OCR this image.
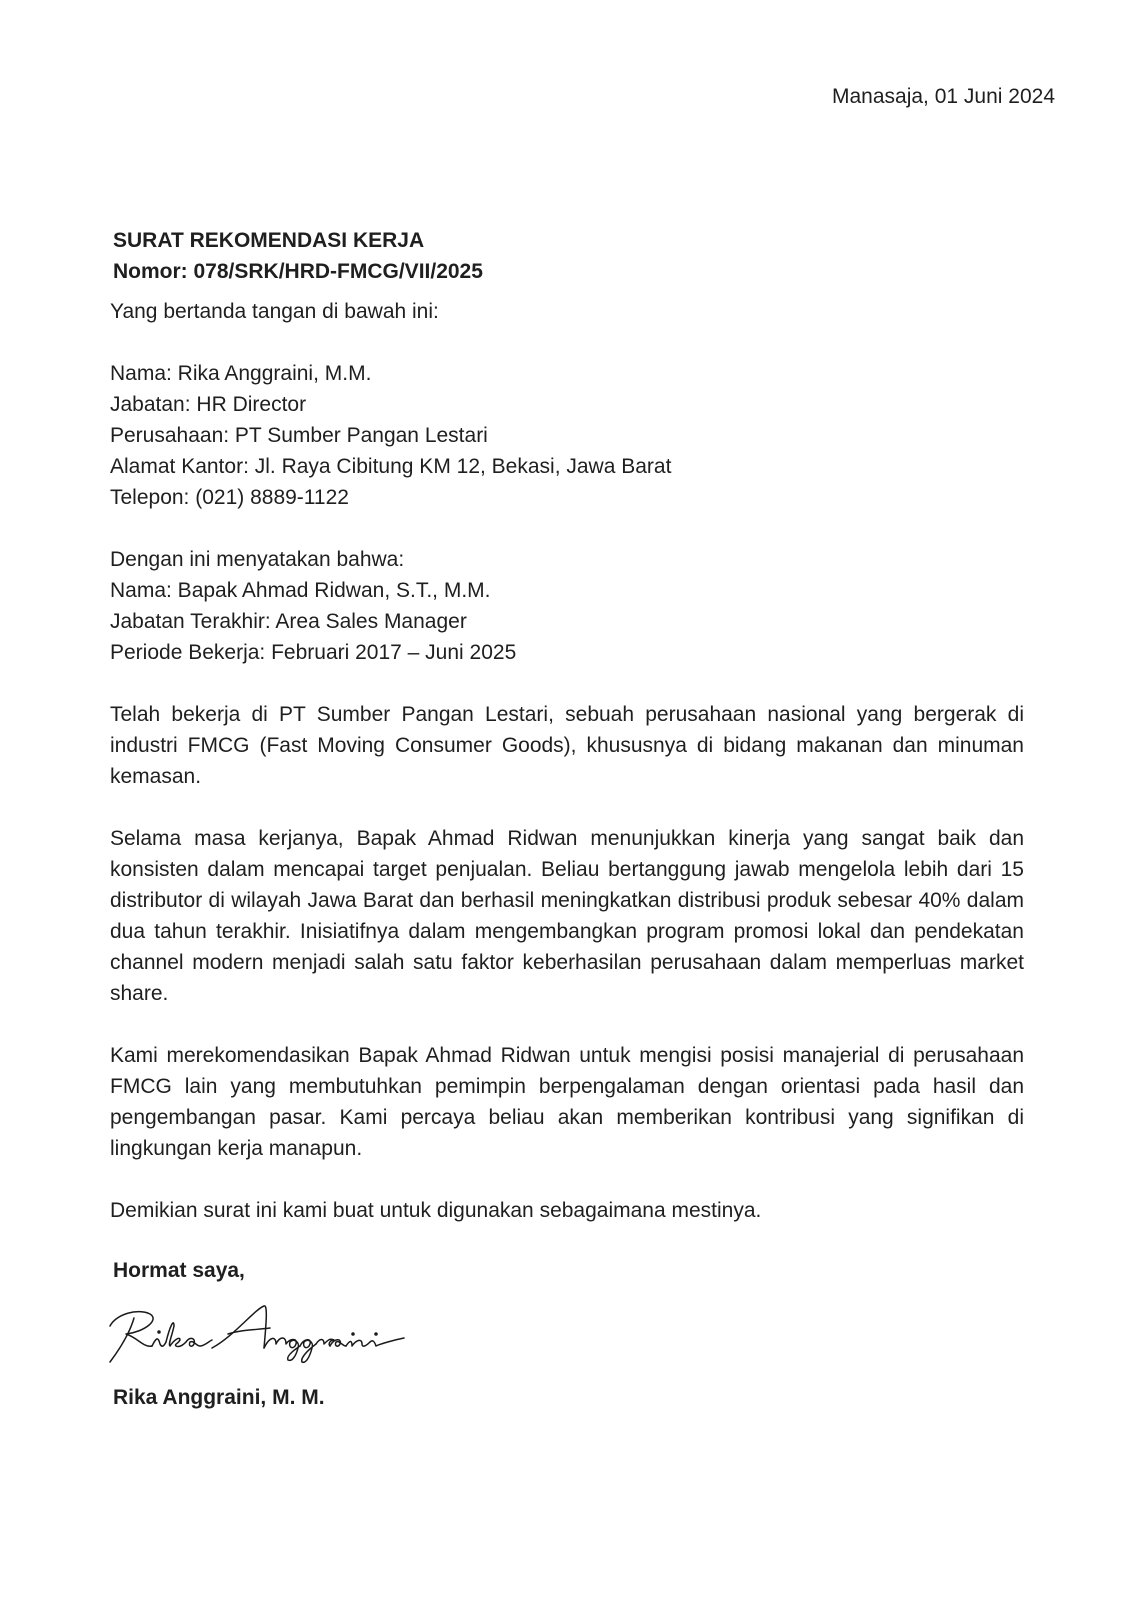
Manasaja, 01 Juni 2024
SURAT REKOMENDASI KERJA
Nomor: 078/SRK/HRD-FMCG/VII/2025
Yang bertanda tangan di bawah ini:
Nama: Rika Anggraini, M.M.
Jabatan: HR Director
Perusahaan: PT Sumber Pangan Lestari
Alamat Kantor: Jl. Raya Cibitung KM 12, Bekasi, Jawa Barat
Telepon: (021) 8889-1122
Dengan ini menyatakan bahwa:
Nama: Bapak Ahmad Ridwan, S.T., M.M.
Jabatan Terakhir: Area Sales Manager
Periode Bekerja: Februari 2017 – Juni 2025
Telah bekerja di PT Sumber Pangan Lestari, sebuah perusahaan nasional yang bergerak di industri FMCG (Fast Moving Consumer Goods), khususnya di bidang makanan dan minuman kemasan.
Selama masa kerjanya, Bapak Ahmad Ridwan menunjukkan kinerja yang sangat baik dan konsisten dalam mencapai target penjualan. Beliau bertanggung jawab mengelola lebih dari 15 distributor di wilayah Jawa Barat dan berhasil meningkatkan distribusi produk sebesar 40% dalam dua tahun terakhir. Inisiatifnya dalam mengembangkan program promosi lokal dan pendekatan channel modern menjadi salah satu faktor keberhasilan perusahaan dalam memperluas market share.
Kami merekomendasikan Bapak Ahmad Ridwan untuk mengisi posisi manajerial di perusahaan FMCG lain yang membutuhkan pemimpin berpengalaman dengan orientasi pada hasil dan pengembangan pasar. Kami percaya beliau akan memberikan kontribusi yang signifikan di lingkungan kerja manapun.
Demikian surat ini kami buat untuk digunakan sebagaimana mestinya.
Hormat saya,
Rika Anggraini, M. M.
